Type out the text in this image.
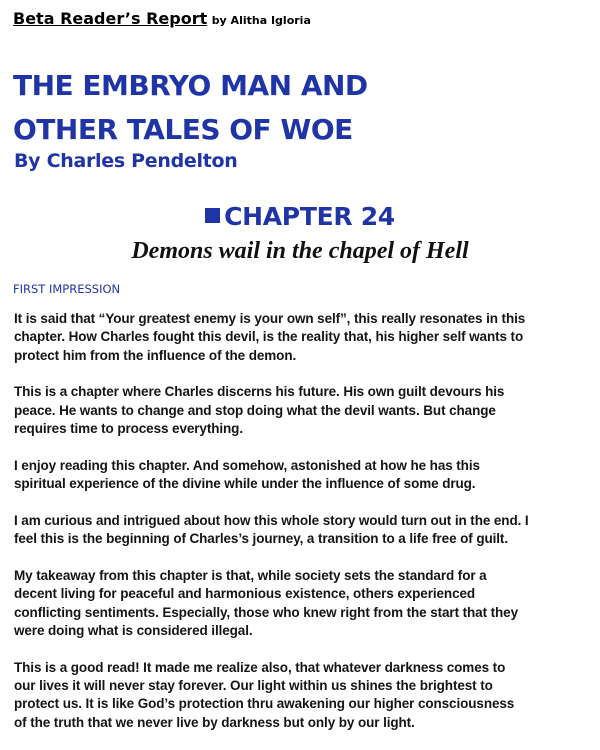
Beta Reader’s Report by Alitha Igloria
THE EMBRYO MAN AND
OTHER TALES OF WOE
By Charles Pendelton
CHAPTER 24
Demons wail in the chapel of Hell
FIRST IMPRESSION

It is said that “Your greatest enemy is your own self”, this really resonates in this
chapter. How Charles fought this devil, is the reality that, his higher self wants to
protect him from the influence of the demon.

This is a chapter where Charles discerns his future. His own guilt devours his
peace. He wants to change and stop doing what the devil wants. But change
requires time to process everything.

I enjoy reading this chapter. And somehow, astonished at how he has this
spiritual experience of the divine while under the influence of some drug.

I am curious and intrigued about how this whole story would turn out in the end. I
feel this is the beginning of Charles’s journey, a transition to a life free of guilt.

My takeaway from this chapter is that, while society sets the standard for a
decent living for peaceful and harmonious existence, others experienced
conflicting sentiments. Especially, those who knew right from the start that they
were doing what is considered illegal.

This is a good read! It made me realize also, that whatever darkness comes to
our lives it will never stay forever. Our light within us shines the brightest to
protect us. It is like God’s protection thru awakening our higher consciousness
of the truth that we never live by darkness but only by our light.
